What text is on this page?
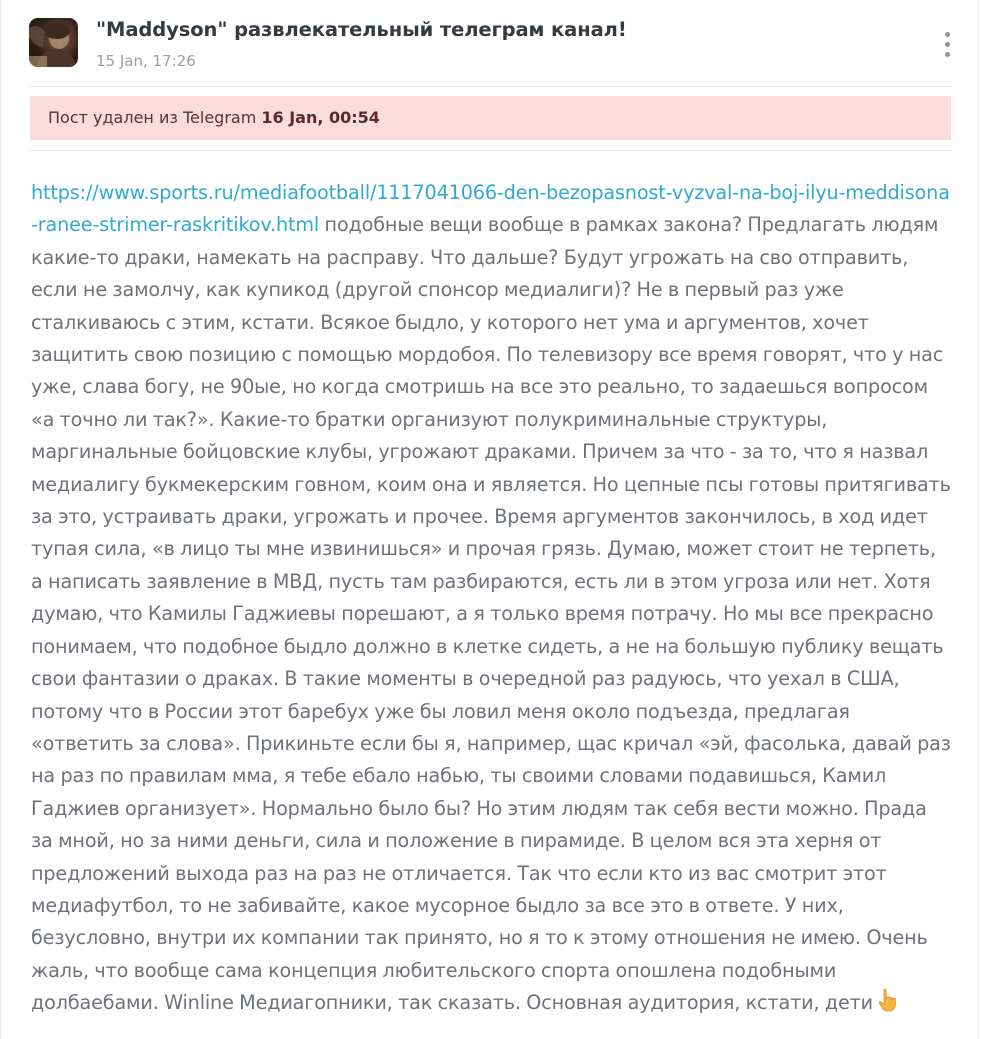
"Maddyson" развлекательный телеграм канал!
15 Jan, 17:26
Пост удален из Telegram 16 Jan, 00:54
https://www.sports.ru/mediafootball/1117041066-den-bezopasnost-vyzval-na-boj-ilyu-meddisona-ranee-strimer-raskritikov.html подобные вещи вообще в рамках закона? Предлагать людям какие-то драки, намекать на расправу. Что дальше? Будут угрожать на сво отправить, если не замолчу, как купикод (другой спонсор медиалиги)? Не в первый раз уже сталкиваюсь с этим, кстати. Всякое быдло, у которого нет ума и аргументов, хочет защитить свою позицию с помощью мордобоя. По телевизору все время говорят, что у нас уже, слава богу, не 90ые, но когда смотришь на все это реально, то задаешься вопросом «а точно ли так?». Какие-то братки организуют полукриминальные структуры, маргинальные бойцовские клубы, угрожают драками. Причем за что - за то, что я назвал медиалигу букмекерским говном, коим она и является. Но цепные псы готовы притягивать за это, устраивать драки, угрожать и прочее. Время аргументов закончилось, в ход идет тупая сила, «в лицо ты мне извинишься» и прочая грязь. Думаю, может стоит не терпеть, а написать заявление в МВД, пусть там разбираются, есть ли в этом угроза или нет. Хотя думаю, что Камилы Гаджиевы порешают, а я только время потрачу. Но мы все прекрасно понимаем, что подобное быдло должно в клетке сидеть, а не на большую публику вещать свои фантазии о драках. В такие моменты в очередной раз радуюсь, что уехал в США, потому что в России этот баребух уже бы ловил меня около подъезда, предлагая «ответить за слова». Прикиньте если бы я, например, щас кричал «эй, фасолька, давай раз на раз по правилам мма, я тебе ебало набью, ты своими словами подавишься, Камил Гаджиев организует». Нормально было бы? Но этим людям так себя вести можно. Прада за мной, но за ними деньги, сила и положение в пирамиде. В целом вся эта херня от предложений выхода раз на раз не отличается. Так что если кто из вас смотрит этот медиафутбол, то не забивайте, какое мусорное быдло за все это в ответе. У них, безусловно, внутри их компании так принято, но я то к этому отношения не имею. Очень жаль, что вообще сама концепция любительского спорта опошлена подобными долбаебами. Winline Медиагопники, так сказать. Основная аудитория, кстати, дети
